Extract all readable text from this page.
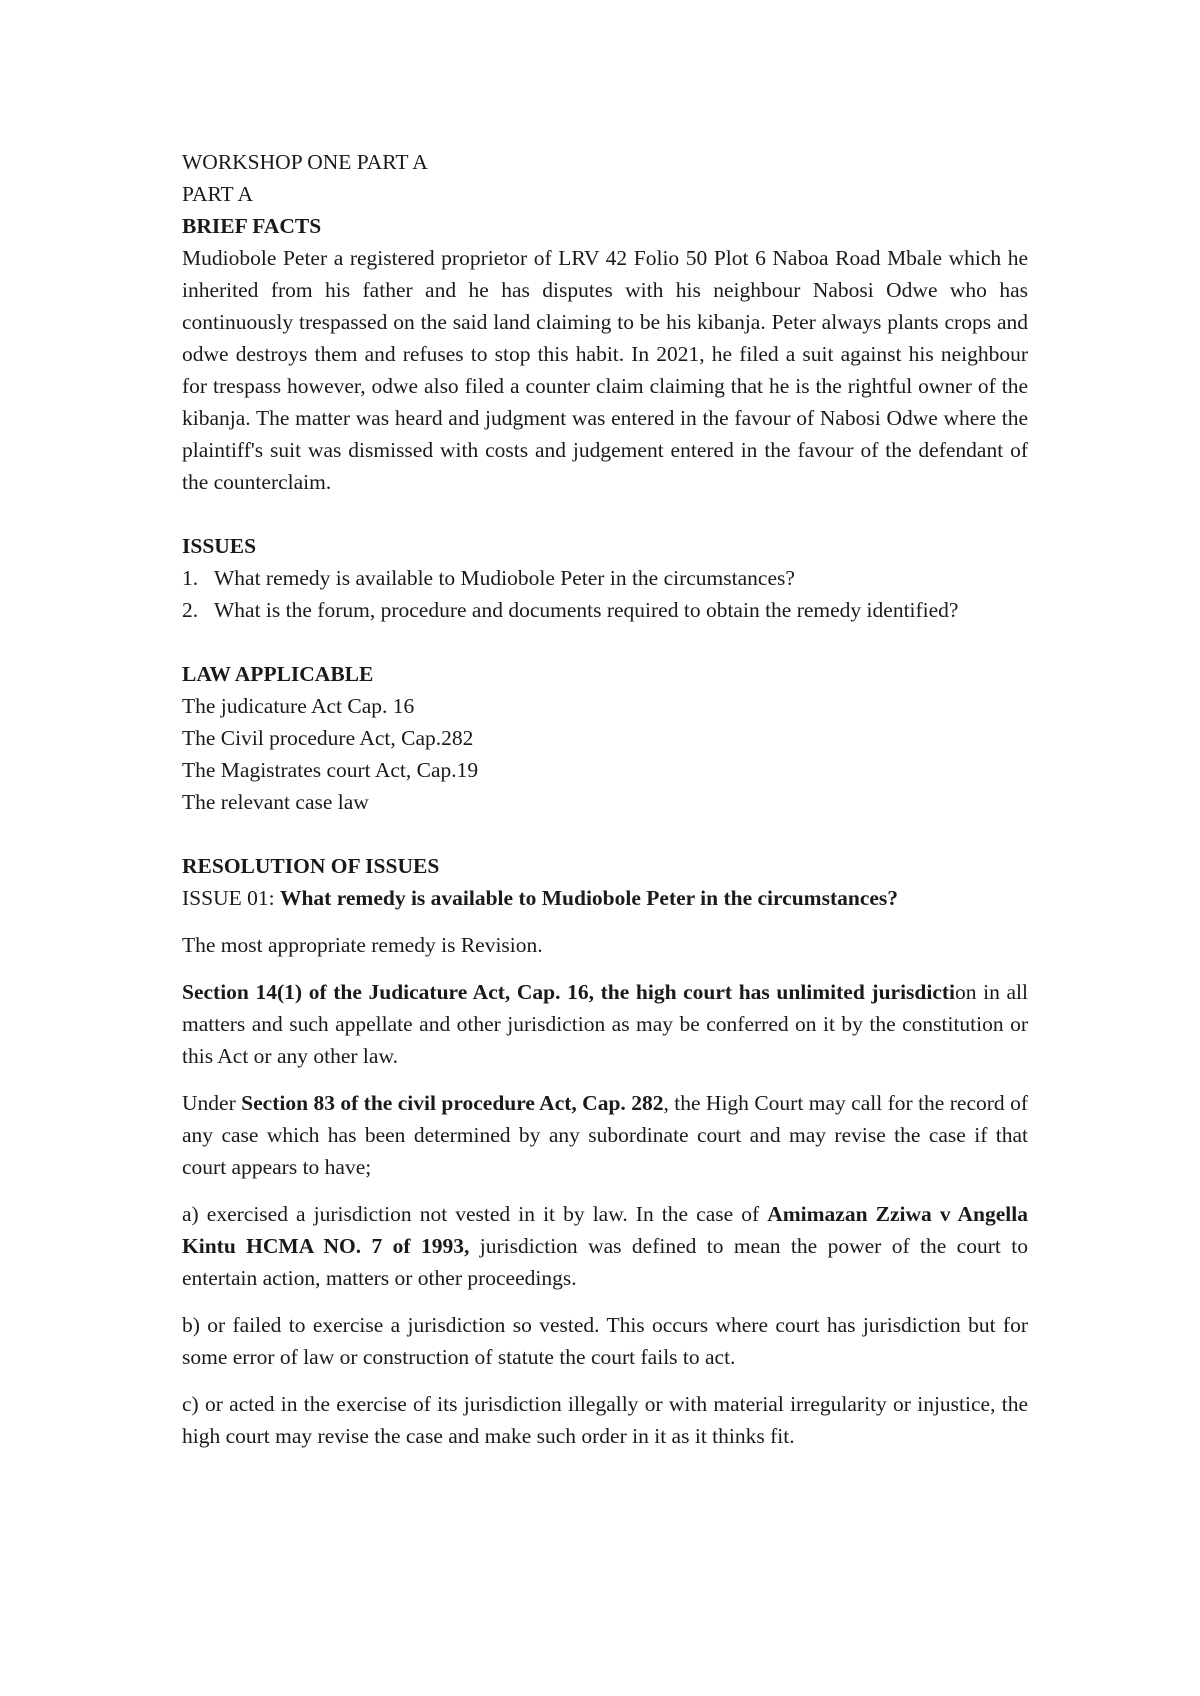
WORKSHOP ONE PART A

PART A

BRIEF FACTS

Mudiobole Peter a registered proprietor of LRV 42 Folio 50 Plot 6 Naboa Road Mbale which he inherited from his father and he has disputes with his neighbour Nabosi Odwe who has continuously trespassed on the said land claiming to be his kibanja. Peter always plants crops and odwe destroys them and refuses to stop this habit. In 2021, he filed a suit against his neighbour for trespass however, odwe also filed a counter claim claiming that he is the rightful owner of the kibanja. The matter was heard and judgment was entered in the favour of Nabosi Odwe where the plaintiff's suit was dismissed with costs and judgement entered in the favour of the defendant of the counterclaim.

ISSUES

1. What remedy is available to Mudiobole Peter in the circumstances?

2. What is the forum, procedure and documents required to obtain the remedy identified?

LAW APPLICABLE

The judicature Act Cap. 16

The Civil procedure Act, Cap.282

The Magistrates court Act, Cap.19

The relevant case law

RESOLUTION OF ISSUES

ISSUE 01: What remedy is available to Mudiobole Peter in the circumstances?

The most appropriate remedy is Revision.

Section 14(1) of the Judicature Act, Cap. 16, the high court has unlimited jurisdiction in all matters and such appellate and other jurisdiction as may be conferred on it by the constitution or this Act or any other law.

Under Section 83 of the civil procedure Act, Cap. 282, the High Court may call for the record of any case which has been determined by any subordinate court and may revise the case if that court appears to have;

a) exercised a jurisdiction not vested in it by law. In the case of Amimazan Zziwa v Angella Kintu HCMA NO. 7 of 1993, jurisdiction was defined to mean the power of the court to entertain action, matters or other proceedings.

b) or failed to exercise a jurisdiction so vested. This occurs where court has jurisdiction but for some error of law or construction of statute the court fails to act.

c) or acted in the exercise of its jurisdiction illegally or with material irregularity or injustice, the high court may revise the case and make such order in it as it thinks fit.
